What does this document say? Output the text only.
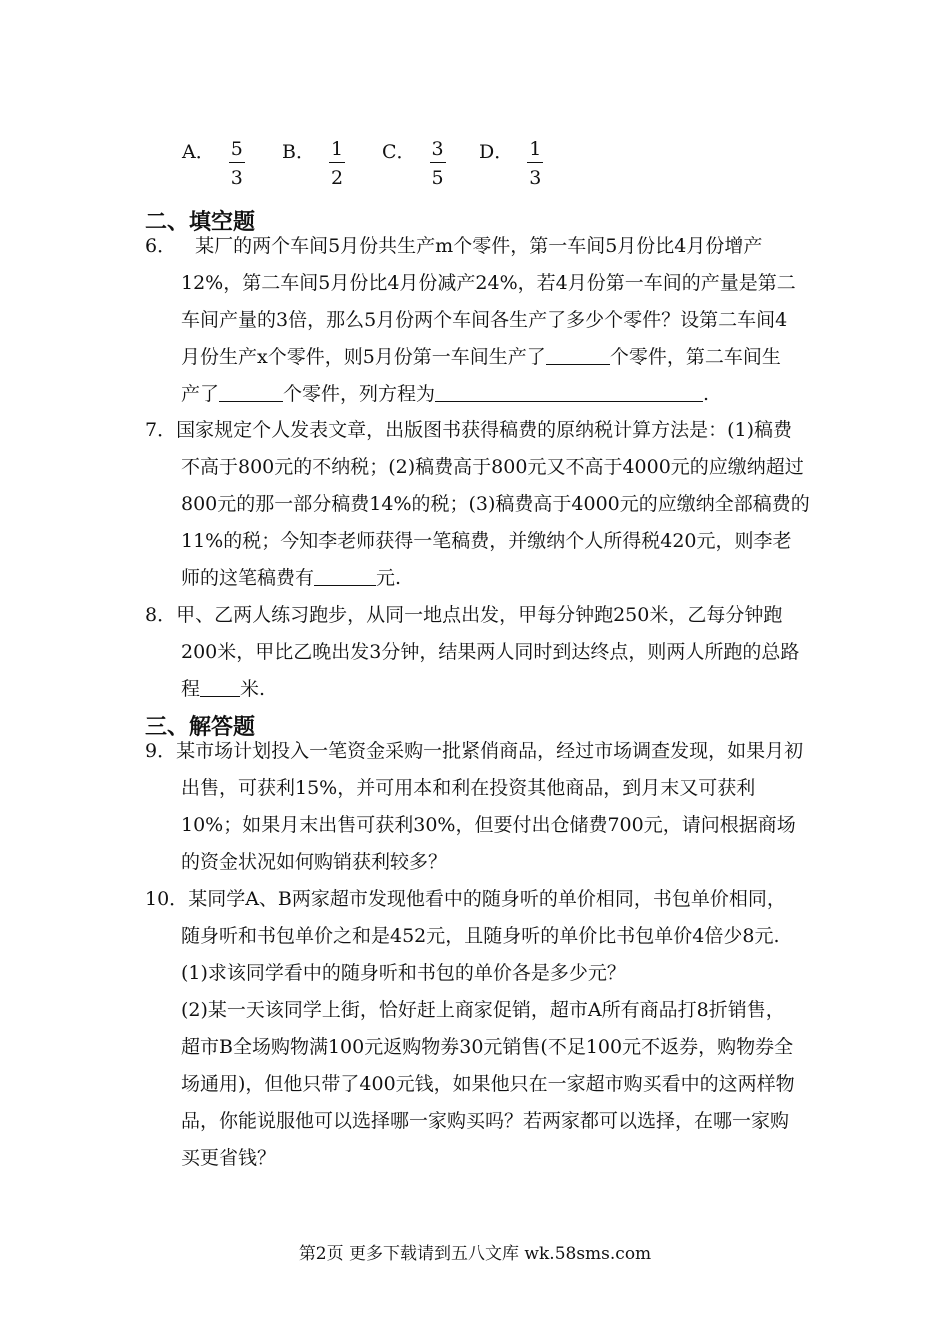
A． $\frac{5}{3}$ B． $\frac{1}{2}$ C． $\frac{3}{5}$ D． $\frac{1}{3}$
二、填空题
6．　某厂的两个车间5月份共生产m个零件，第一车间5月份比4月份增产
12%，第二车间5月份比4月份减产24%，若4月份第一车间的产量是第二
车间产量的3倍，那么5月份两个车间各生产了多少个零件？设第二车间4
月份生产x个零件，则5月份第一车间生产了	个零件，第二车间生
产了	个零件，列方程为	.
7．国家规定个人发表文章，出版图书获得稿费的原纳税计算方法是：(1)稿费
不高于800元的不纳税；(2)稿费高于800元又不高于4000元的应缴纳超过
800元的那一部分稿费14%的税；(3)稿费高于4000元的应缴纳全部稿费的
11%的税；今知李老师获得一笔稿费，并缴纳个人所得税420元，则李老
师的这笔稿费有	元.
8．甲、乙两人练习跑步，从同一地点出发，甲每分钟跑250米，乙每分钟跑
200米，甲比乙晚出发3分钟，结果两人同时到达终点，则两人所跑的总路
程 米.
三、解答题
9．某市场计划投入一笔资金采购一批紧俏商品，经过市场调查发现，如果月初
出售，可获利15%，并可用本和利在投资其他商品，到月末又可获利
10%；如果月末出售可获利30%，但要付出仓储费700元，请问根据商场
的资金状况如何购销获利较多？
10．某同学A、B两家超市发现他看中的随身听的单价相同，书包单价相同，
随身听和书包单价之和是452元，且随身听的单价比书包单价4倍少8元.
(1)求该同学看中的随身听和书包的单价各是多少元？
(2)某一天该同学上街，恰好赶上商家促销，超市A所有商品打8折销售，
超市B全场购物满100元返购物劵30元销售(不足100元不返券，购物券全
场通用)，但他只带了400元钱，如果他只在一家超市购买看中的这两样物
品，你能说服他可以选择哪一家购买吗？若两家都可以选择，在哪一家购
买更省钱？
第2页 更多下载请到五八文库 wk.58sms.com
